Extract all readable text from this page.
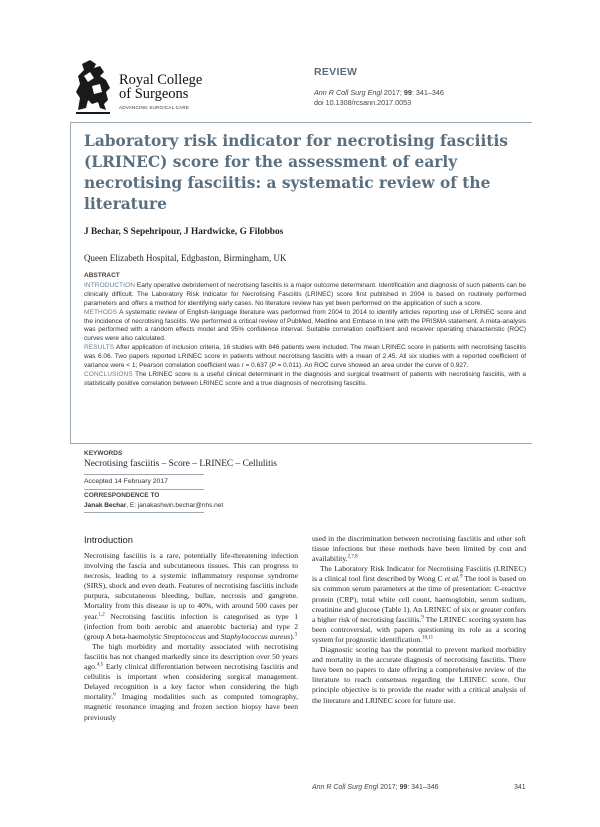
Royal College
of Surgeons
ADVANCING SURGICAL CARE
REVIEW
Ann R Coll Surg Engl 2017; 99: 341–346
doi 10.1308/rcsann.2017.0053
Laboratory risk indicator for necrotising fasciitis (LRINEC) score for the assessment of early necrotising fasciitis: a systematic review of the literature
J Bechar, S Sepehripour, J Hardwicke, G Filobbos
Queen Elizabeth Hospital, Edgbaston, Birmingham, UK
ABSTRACT

INTRODUCTION Early operative debridement of necrotising fasciitis is a major outcome determinant. Identification and diagnosis of such patients can be clinically difficult. The Laboratory Risk Indicator for Necrotising Fasciitis (LRINEC) score first published in 2004 is based on routinely performed parameters and offers a method for identifying early cases. No literature review has yet been performed on the application of such a score.

METHODS A systematic review of English-language literature was performed from 2004 to 2014 to identify articles reporting use of LRINEC score and the incidence of necrotising fasciitis. We performed a critical review of PubMed, Medline and Embase in line with the PRISMA statement. A meta-analysis was performed with a random effects model and 95% confidence interval. Suitable correlation coefficient and receiver operating characteristic (ROC) curves were also calculated.

RESULTS After application of inclusion criteria, 16 studies with 846 patients were included. The mean LRINEC score in patients with necrotising fasciitis was 6.06. Two papers reported LRINEC score in patients without necrotising fasciitis with a mean of 2.45. All six studies with a reported coefficient of variance were < 1; Pearson correlation coefficient was r = 0.637 (P = 0.011). An ROC curve showed an area under the curve of 0.927.

CONCLUSIONS The LRINEC score is a useful clinical determinant in the diagnosis and surgical treatment of patients with necrotising fasciitis, with a statistically positive correlation between LRINEC score and a true diagnosis of necrotising fasciitis.

KEYWORDS
Necrotising fasciitis – Score – LRINEC – Cellulitis
Accepted 14 February 2017
CORRESPONDENCE TO
Janak Bechar, E: janakashwin.bechar@nhs.net
Introduction

Necrotising fasciitis is a rare, potentially life-threatening infection involving the fascia and subcutaneous tissues. This can progress to necrosis, leading to a systemic inflammatory response syndrome (SIRS), shock and even death. Features of necrotising fasciitis include purpura, subcutaneous bleeding, bullae, necrosis and gangrene. Mortality from this disease is up to 40%, with around 500 cases per year.$^{1,2}$ Necrotising fasciitis infection is categorised as type 1 (infection from both aerobic and anaerobic bacteria) and type 2 (group A beta-haemolytic Streptococcus and Staphylococcus aureus).$^3$

The high morbidity and mortality associated with necrotising fasciitis has not changed markedly since its description over 50 years ago.$^{4,5}$ Early clinical differentiation between necrotising fasciitis and cellulitis is important when considering surgical management. Delayed recognition is a key factor when considering the high mortality.$^6$ Imaging modalities such as computed tomography, magnetic resonance imaging and frozen section biopsy have been previously

used in the discrimination between necrotising fasciitis and other soft tissue infections but these methods have been limited by cost and availability.$^{2,7,8}$

The Laboratory Risk Indicator for Necrotising Fasciitis (LRINEC) is a clinical tool first described by Wong C et al.$^9$ The tool is based on six common serum parameters at the time of presentation: C-reactive protein (CRP), total white cell count, haemoglobin, serum sodium, creatinine and glucose (Table 1). An LRINEC of six or greater confers a higher risk of necrotising fasciitis.$^9$ The LRINEC scoring system has been controversial, with papers questioning its role as a scoring system for prognostic identification.$^{10,11}$

Diagnostic scoring has the potential to prevent marked morbidity and mortality in the accurate diagnosis of necrotising fasciitis. There have been no papers to date offering a comprehensive review of the literature to reach consensus regarding the LRINEC score. Our principle objective is to provide the reader with a critical analysis of the literature and LRINEC score for future use.

Ann R Coll Surg Engl 2017; 99: 341–346	341
